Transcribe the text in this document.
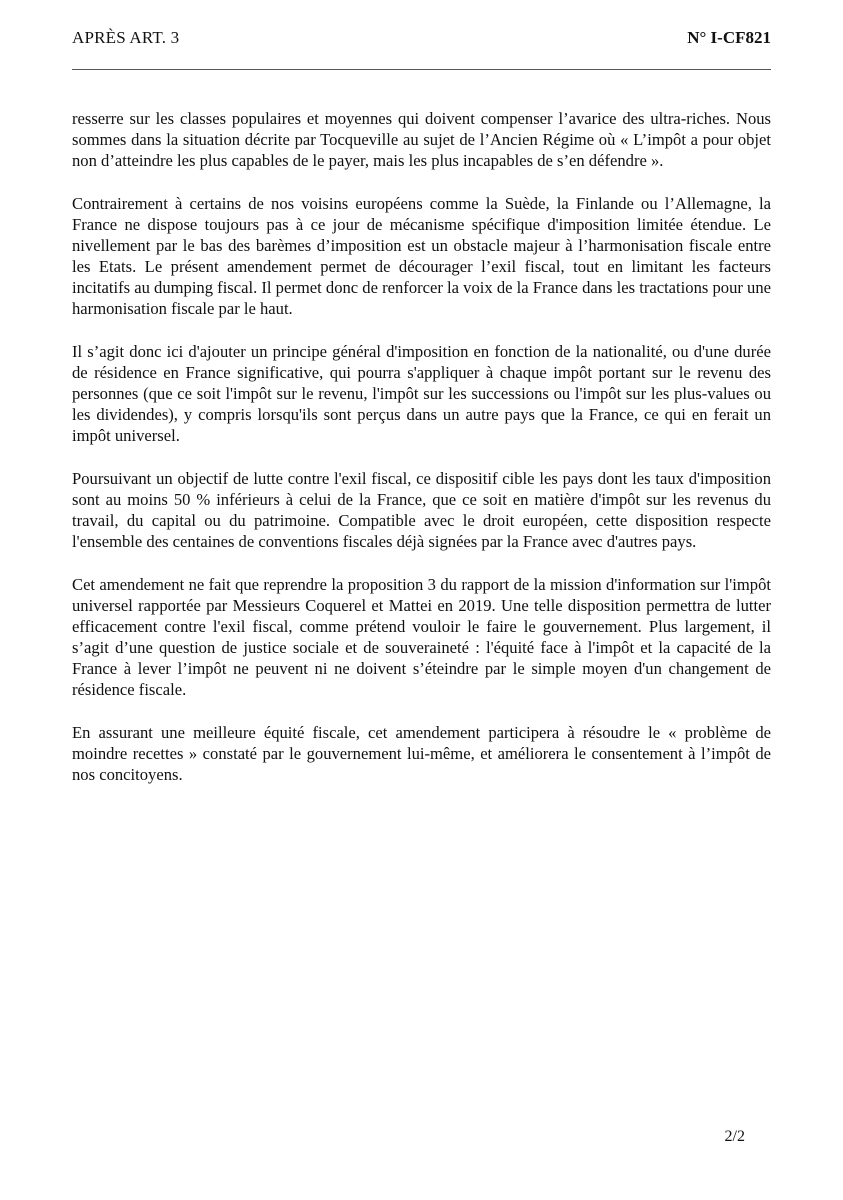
APRÈS ART. 3	N° I-CF821

resserre sur les classes populaires et moyennes qui doivent compenser l’avarice des ultra-riches. Nous sommes dans la situation décrite par Tocqueville au sujet de l’Ancien Régime où « L’impôt a pour objet non d’atteindre les plus capables de le payer, mais les plus incapables de s’en défendre ».

Contrairement à certains de nos voisins européens comme la Suède, la Finlande ou l’Allemagne, la France ne dispose toujours pas à ce jour de mécanisme spécifique d'imposition limitée étendue. Le nivellement par le bas des barèmes d’imposition est un obstacle majeur à l’harmonisation fiscale entre les Etats. Le présent amendement permet de décourager l’exil fiscal, tout en limitant les facteurs incitatifs au dumping fiscal. Il permet donc de renforcer la voix de la France dans les tractations pour une harmonisation fiscale par le haut.

Il s’agit donc ici d'ajouter un principe général d'imposition en fonction de la nationalité, ou d'une durée de résidence en France significative, qui pourra s'appliquer à chaque impôt portant sur le revenu des personnes (que ce soit l'impôt sur le revenu, l'impôt sur les successions ou l'impôt sur les plus-values ou les dividendes), y compris lorsqu'ils sont perçus dans un autre pays que la France, ce qui en ferait un impôt universel.

Poursuivant un objectif de lutte contre l'exil fiscal, ce dispositif cible les pays dont les taux d'imposition sont au moins 50 % inférieurs à celui de la France, que ce soit en matière d'impôt sur les revenus du travail, du capital ou du patrimoine. Compatible avec le droit européen, cette disposition respecte l'ensemble des centaines de conventions fiscales déjà signées par la France avec d'autres pays.

Cet amendement ne fait que reprendre la proposition 3 du rapport de la mission d'information sur l'impôt universel rapportée par Messieurs Coquerel et Mattei en 2019. Une telle disposition permettra de lutter efficacement contre l'exil fiscal, comme prétend vouloir le faire le gouvernement. Plus largement, il s’agit d’une question de justice sociale et de souveraineté : l'équité face à l'impôt et la capacité de la France à lever l’impôt ne peuvent ni ne doivent s’éteindre par le simple moyen d'un changement de résidence fiscale.

En assurant une meilleure équité fiscale, cet amendement participera à résoudre le « problème de moindre recettes » constaté par le gouvernement lui-même, et améliorera le consentement à l’impôt de nos concitoyens.

2/2
